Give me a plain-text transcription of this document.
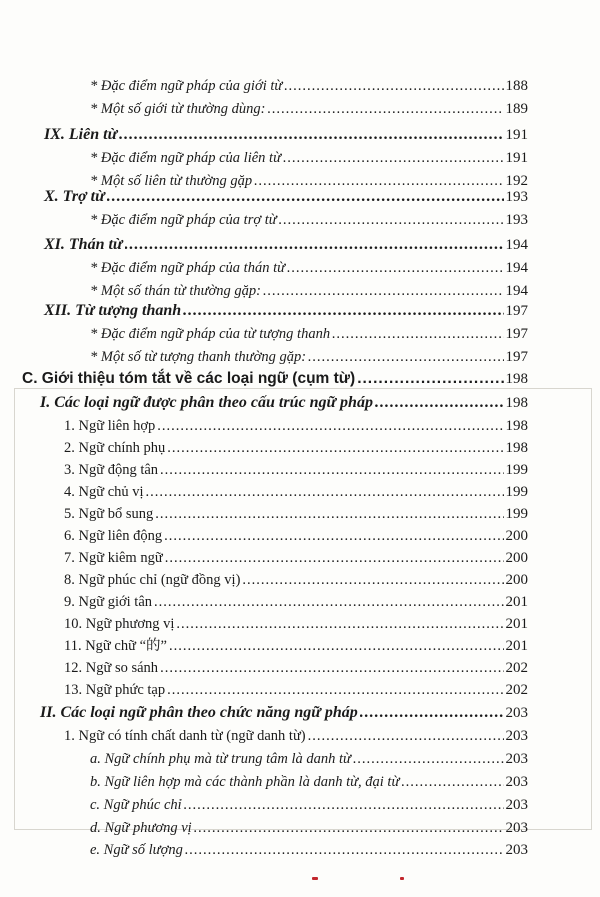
* Đặc điểm ngữ pháp của giới từ .....	188
* Một số giới từ thường dùng: .....	189
IX. Liên từ .....	191
* Đặc điểm ngữ pháp của liên từ .....	191
* Một số liên từ thường gặp .....	192
X. Trợ từ .....	193
* Đặc điểm ngữ pháp của trợ từ .....	193
XI. Thán từ .....	194
* Đặc điểm ngữ pháp của thán từ .....	194
* Một số thán từ thường gặp: .....	194
XII. Từ tượng thanh .....	197
* Đặc điểm ngữ pháp của từ tượng thanh .....	197
* Một số từ tượng thanh thường gặp: .....	197
C. Giới thiệu tóm tắt về các loại ngữ (cụm từ) .....	198
I. Các loại ngữ được phân theo cấu trúc ngữ pháp .....	198
1. Ngữ liên hợp .....	198
2. Ngữ chính phụ .....	198
3. Ngữ động tân .....	199
4. Ngữ chủ vị .....	199
5. Ngữ bổ sung .....	199
6. Ngữ liên động .....	200
7. Ngữ kiêm ngữ .....	200
8. Ngữ phúc chỉ (ngữ đồng vị) .....	200
9. Ngữ giới tân .....	201
10. Ngữ phương vị .....	201
11. Ngữ chữ “的” .....	201
12. Ngữ so sánh .....	202
13. Ngữ phức tạp .....	202
II. Các loại ngữ phân theo chức năng ngữ pháp .....	203
1. Ngữ có tính chất danh từ (ngữ danh từ) .....	203
a. Ngữ chính phụ mà từ trung tâm là danh từ .....	203
b. Ngữ liên hợp mà các thành phần là danh từ, đại từ .....	203
c. Ngữ phúc chỉ .....	203
d. Ngữ phương vị .....	203
e. Ngữ số lượng .....	203
